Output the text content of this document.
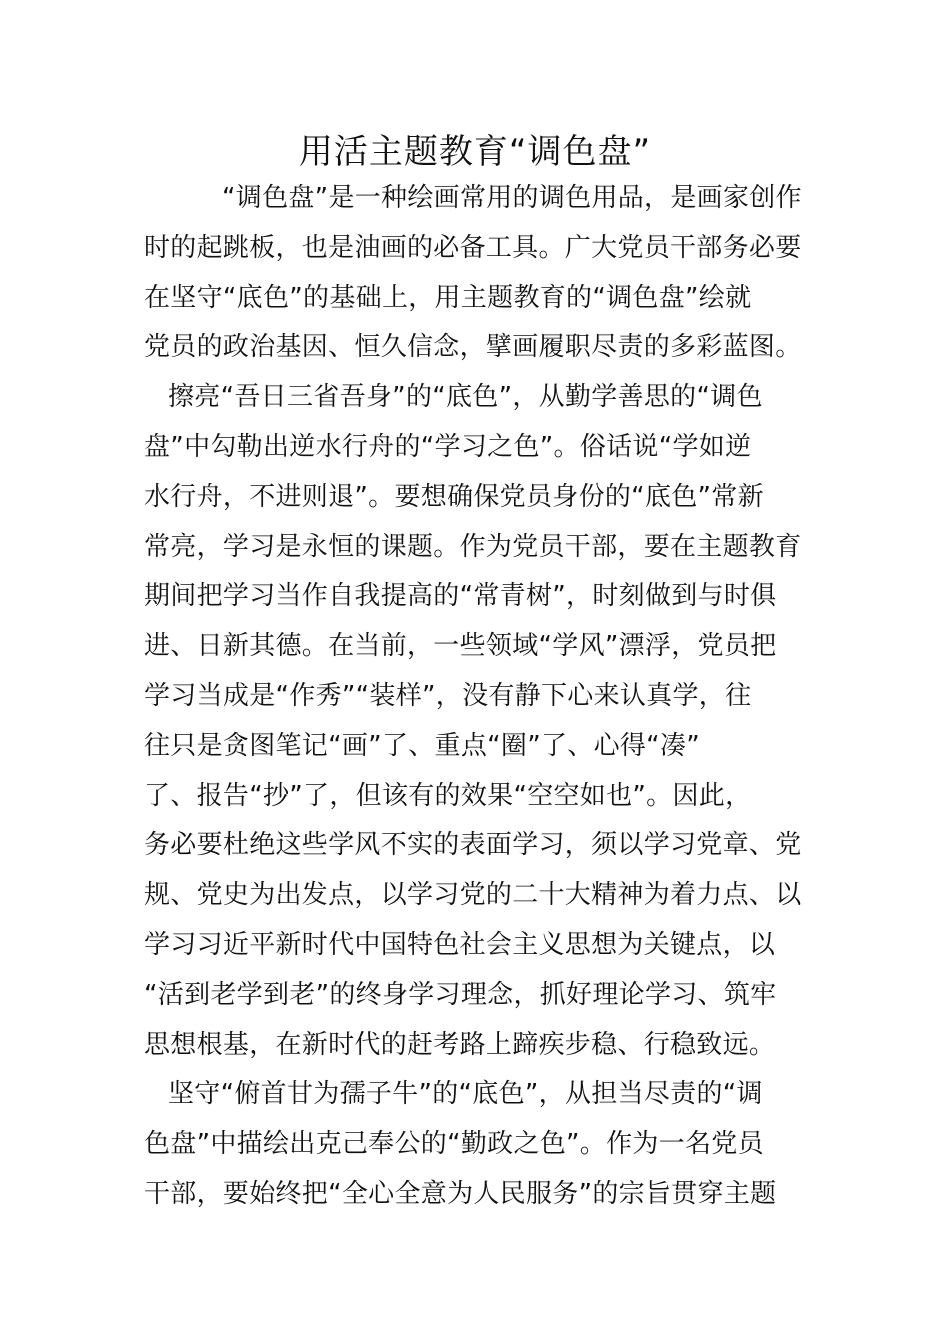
用活主题教育“调色盘”
“调色盘”是一种绘画常用的调色用品，是画家创作
时的起跳板，也是油画的必备工具。广大党员干部务必要
在坚守“底色”的基础上，用主题教育的“调色盘”绘就
党员的政治基因、恒久信念，擘画履职尽责的多彩蓝图。
擦亮“吾日三省吾身”的“底色”，从勤学善思的“调色
盘”中勾勒出逆水行舟的“学习之色”。俗话说“学如逆
水行舟，不进则退”。要想确保党员身份的“底色”常新
常亮，学习是永恒的课题。作为党员干部，要在主题教育
期间把学习当作自我提高的“常青树”，时刻做到与时俱
进、日新其德。在当前，一些领域“学风”漂浮，党员把
学习当成是“作秀”“装样”，没有静下心来认真学，往
往只是贪图笔记“画”了、重点“圈”了、心得“凑”
了、报告“抄”了，但该有的效果“空空如也”。因此，
务必要杜绝这些学风不实的表面学习，须以学习党章、党
规、党史为出发点，以学习党的二十大精神为着力点、以
学习习近平新时代中国特色社会主义思想为关键点，以
“活到老学到老”的终身学习理念，抓好理论学习、筑牢
思想根基，在新时代的赶考路上蹄疾步稳、行稳致远。
坚守“俯首甘为孺子牛”的“底色”，从担当尽责的“调
色盘”中描绘出克己奉公的“勤政之色”。作为一名党员
干部，要始终把“全心全意为人民服务”的宗旨贯穿主题
